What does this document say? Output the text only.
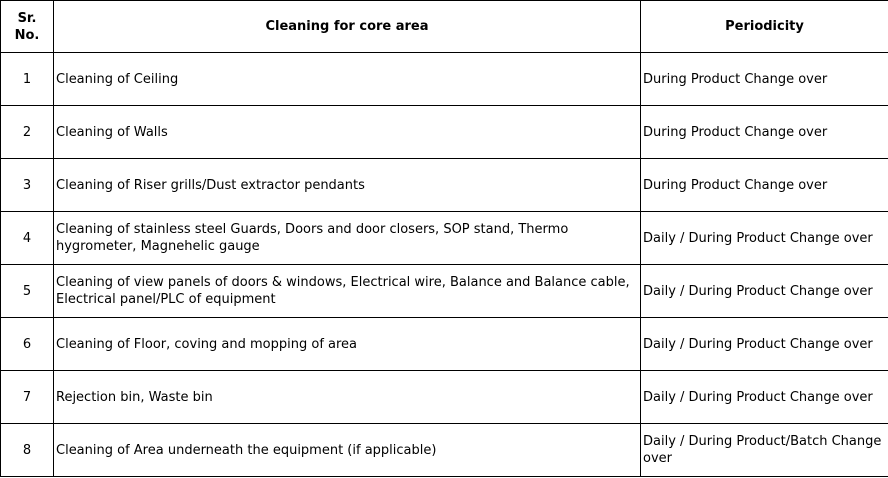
Sr. No.	Cleaning for core area	Periodicity
1	Cleaning of Ceiling	During Product Change over
2	Cleaning of Walls	During Product Change over
3	Cleaning of Riser grills/Dust extractor pendants	During Product Change over
4	Cleaning of stainless steel Guards, Doors and door closers, SOP stand, Thermo hygrometer, Magnehelic gauge	Daily / During Product Change over
5	Cleaning of view panels of doors & windows, Electrical wire, Balance and Balance cable, Electrical panel/PLC of equipment	Daily / During Product Change over
6	Cleaning of Floor, coving and mopping of area	Daily / During Product Change over
7	Rejection bin, Waste bin	Daily / During Product Change over
8	Cleaning of Area underneath the equipment (if applicable)	Daily / During Product/Batch Change over
